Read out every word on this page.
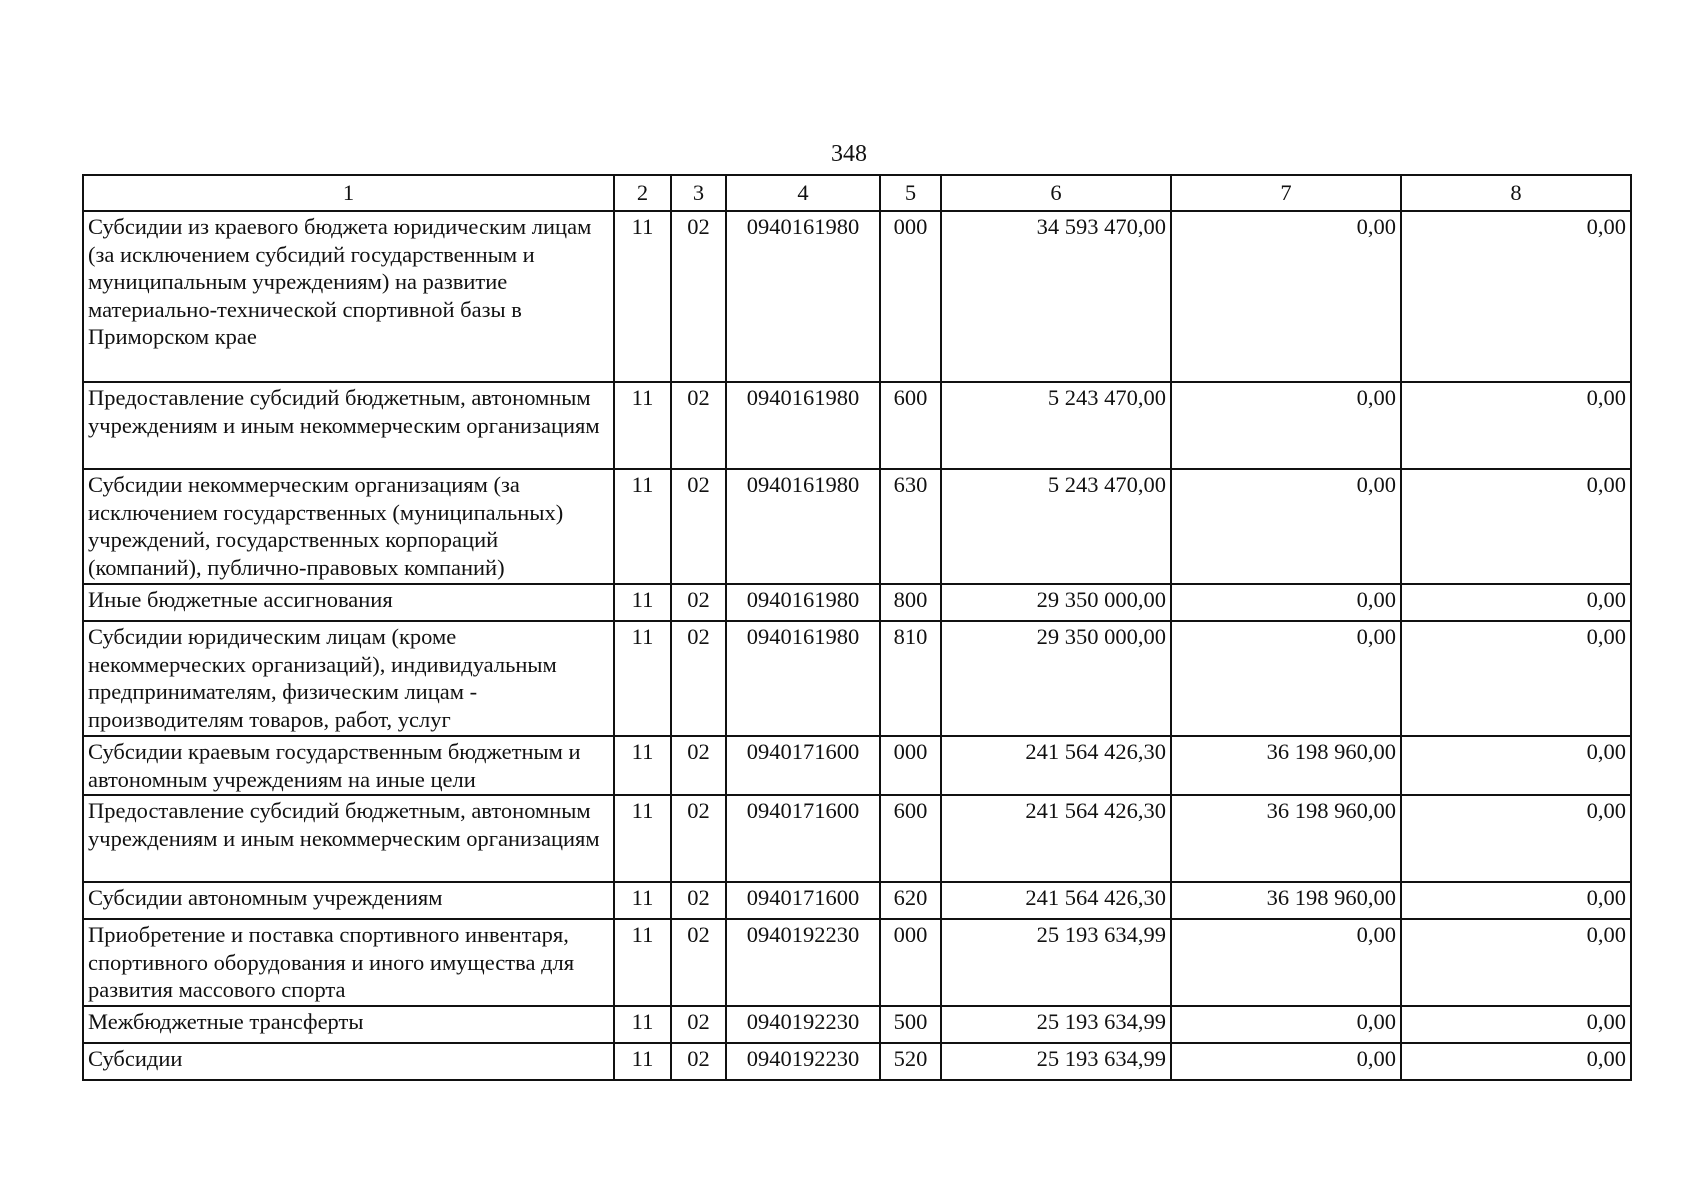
348
1	2	3	4	5	6	7	8
Субсидии из краевого бюджета юридическим лицам (за исключением субсидий государственным и муниципальным учреждениям) на развитие материально-технической спортивной базы в Приморском крае	11	02	0940161980	000	34 593 470,00	0,00	0,00
Предоставление субсидий бюджетным, автономным учреждениям и иным некоммерческим организациям	11	02	0940161980	600	5 243 470,00	0,00	0,00
Субсидии некоммерческим организациям (за исключением государственных (муниципальных) учреждений, государственных корпораций (компаний), публично-правовых компаний)	11	02	0940161980	630	5 243 470,00	0,00	0,00
Иные бюджетные ассигнования	11	02	0940161980	800	29 350 000,00	0,00	0,00
Субсидии юридическим лицам (кроме некоммерческих организаций), индивидуальным предпринимателям, физическим лицам - производителям товаров, работ, услуг	11	02	0940161980	810	29 350 000,00	0,00	0,00
Субсидии краевым государственным бюджетным и автономным учреждениям на иные цели	11	02	0940171600	000	241 564 426,30	36 198 960,00	0,00
Предоставление субсидий бюджетным, автономным учреждениям и иным некоммерческим организациям	11	02	0940171600	600	241 564 426,30	36 198 960,00	0,00
Субсидии автономным учреждениям	11	02	0940171600	620	241 564 426,30	36 198 960,00	0,00
Приобретение и поставка спортивного инвентаря, спортивного оборудования и иного имущества для развития массового спорта	11	02	0940192230	000	25 193 634,99	0,00	0,00
Межбюджетные трансферты	11	02	0940192230	500	25 193 634,99	0,00	0,00
Субсидии	11	02	0940192230	520	25 193 634,99	0,00	0,00
